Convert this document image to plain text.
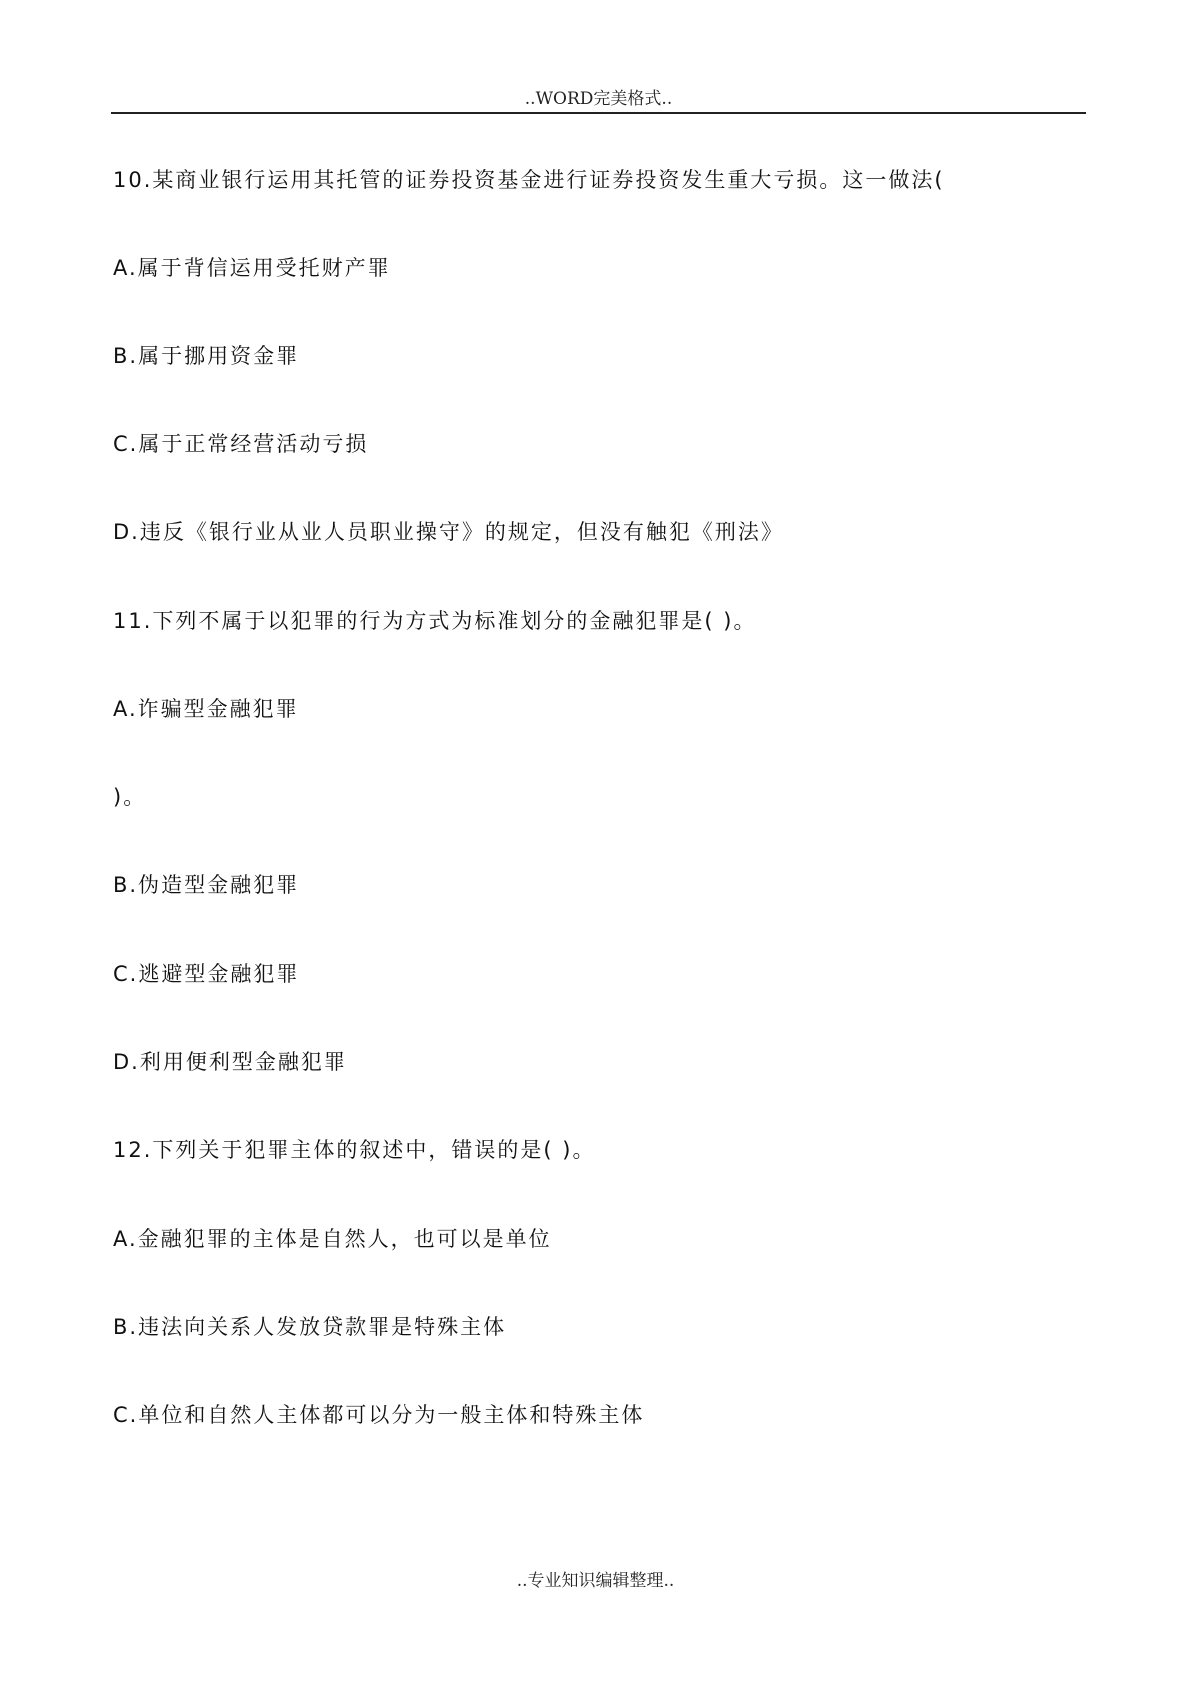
..WORD完美格式..
10.某商业银行运用其托管的证券投资基金进行证券投资发生重大亏损。这一做法(
A.属于背信运用受托财产罪
B.属于挪用资金罪
C.属于正常经营活动亏损
D.违反《银行业从业人员职业操守》的规定，但没有触犯《刑法》
11.下列不属于以犯罪的行为方式为标准划分的金融犯罪是( )。
A.诈骗型金融犯罪
)。
B.伪造型金融犯罪
C.逃避型金融犯罪
D.利用便利型金融犯罪
12.下列关于犯罪主体的叙述中，错误的是( )。
A.金融犯罪的主体是自然人，也可以是单位
B.违法向关系人发放贷款罪是特殊主体
C.单位和自然人主体都可以分为一般主体和特殊主体
..专业知识编辑整理..
